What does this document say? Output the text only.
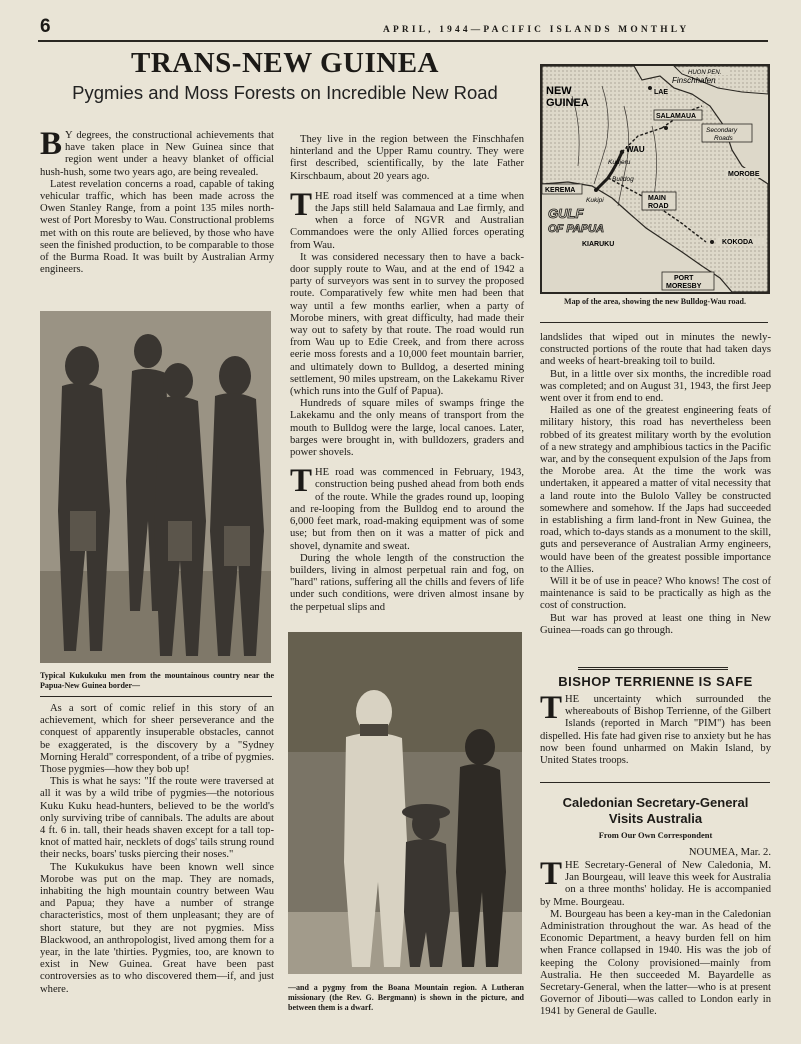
6	APRIL, 1944—PACIFIC ISLANDS MONTHLY
TRANS-NEW GUINEA
Pygmies and Moss Forests on Incredible New Road

B Y degrees, the constructional achievements that have taken place in New Guinea since that region went under a heavy blanket of official hush-hush, some two years ago, are being revealed.

Latest revelation concerns a road, capable of taking vehicular traffic, which has been made across the Owen Stanley Range, from a point 135 miles north-west of Port Moresby to Wau. Constructional problems met with on this route are believed, by those who have seen the finished production, to be comparable to those of the Burma Road. It was built by Australian Army engineers.

Typical Kukukuku men from the mountainous country near the Papua-New Guinea border—

As a sort of comic relief in this story of an achievement, which for sheer perseverance and the conquest of apparently insuperable obstacles, cannot be exaggerated, is the discovery by a "Sydney Morning Herald" correspondent, of a tribe of pygmies. Those pygmies—how they bob up!

This is what he says: "If the route were traversed at all it was by a wild tribe of pygmies—the notorious Kuku Kuku head-hunters, believed to be the world's only surviving tribe of cannibals. The adults are about 4 ft. 6 in. tall, their heads shaven except for a tall top-knot of matted hair, necklets of dogs' tails strung round their necks, boars' tusks piercing their noses."

The Kukukukus have been known well since Morobe was put on the map. They are nomads, inhabiting the high mountain country between Wau and Papua; they have a number of strange characteristics, most of them unpleasant; they are of short stature, but they are not pygmies. Miss Blackwood, an anthropologist, lived among them for a year, in the late 'thirties. Pygmies, too, are known to exist in New Guinea. Great have been past controversies as to who discovered them—if, and just where.

They live in the region between the Finschhafen hinterland and the Upper Ramu country. They were first described, scientifically, by the late Father Kirschbaum, about 20 years ago.

THE road itself was commenced at a time when the Japs still held Salamaua and Lae firmly, and when a force of NGVR and Australian Commandoes were the only Allied forces operating from Wau.

It was considered necessary then to have a back-door supply route to Wau, and at the end of 1942 a party of surveyors was sent in to survey the proposed route. Comparatively few white men had been that way until a few months earlier, when a party of Morobe miners, with great difficulty, had made their way out to safety by that route. The road would run from Wau up to Edie Creek, and from there across eerie moss forests and a 10,000 feet mountain barrier, and ultimately down to Bulldog, a deserted mining settlement, 90 miles upstream, on the Lakekamu River (which runs into the Gulf of Papua).

Hundreds of square miles of swamps fringe the Lakekamu and the only means of transport from the mouth to Bulldog were the large, local canoes. Later, barges were brought in, with bulldozers, graders and power shovels.

THE road was commenced in February, 1943, construction being pushed ahead from both ends of the route. While the grades round up, looping and re-looping from the Bulldog end to around the 6,000 feet mark, road-making equipment was of some use; but from then on it was a matter of pick and shovel, dynamite and sweat.

During the whole length of the construction the builders, living in almost perpetual rain and fog, on "hard" rations, suffering all the chills and fevers of life under such conditions, were driven almost insane by the perpetual slips and

—and a pygmy from the Boana Mountain region. A Lutheran missionary (the Rev. G. Bergmann) is shown in the picture, and between them is a dwarf.
HUON PEN.
Finschhafen
LAE
NEW
GUINEA
SALAMAUA
Secondary
Roads
WAU
Kudjeru
MOROBE
Bulldog
KEREMA
Kukipi	MAIN
ROAD
GULF
OF PAPUA
KIARUKU	KOKODA
PORT
MORESBY
Map of the area, showing the new Bulldog-Wau road.

landslides that wiped out in minutes the newly-constructed portions of the route that had taken days and weeks of heart-breaking toil to build.

But, in a little over six months, the incredible road was completed; and on August 31, 1943, the first Jeep went over it from end to end.

Hailed as one of the greatest engineering feats of military history, this road has nevertheless been robbed of its greatest military worth by the evolution of a new strategy and amphibious tactics in the Pacific war, and by the consequent expulsion of the Japs from the Morobe area. At the time the work was undertaken, it appeared a matter of vital necessity that a land route into the Bulolo Valley be constructed somewhere and somehow. If the Japs had succeeded in establishing a firm land-front in New Guinea, the road, which to-days stands as a monument to the skill, guts and perseverance of Australian Army engineers, would have been of the greatest possible importance to the Allies.

Will it be of use in peace? Who knows! The cost of maintenance is said to be practically as high as the cost of construction.

But war has proved at least one thing in New Guinea—roads can go through.

BISHOP TERRIENNE IS SAFE

THE uncertainty which surrounded the whereabouts of Bishop Terrienne, of the Gilbert Islands (reported in March "PIM") has been dispelled. His fate had given rise to anxiety but he has now been found unharmed on Makin Island, by United States troops.

Caledonian Secretary-General
Visits Australia
From Our Own Correspondent
NOUMEA, Mar. 2.

THE Secretary-General of New Caledonia, M. Jan Bourgeau, will leave this week for Australia on a three months' holiday. He is accompanied by Mme. Bourgeau.

M. Bourgeau has been a key-man in the Caledonian Administration throughout the war. As head of the Economic Department, a heavy burden fell on him when France collapsed in 1940. His was the job of keeping the Colony provisioned—mainly from Australia. He then succeeded M. Bayardelle as Secretary-General, when the latter—who is at present Governor of Jibouti—was called to London early in 1941 by General de Gaulle.
